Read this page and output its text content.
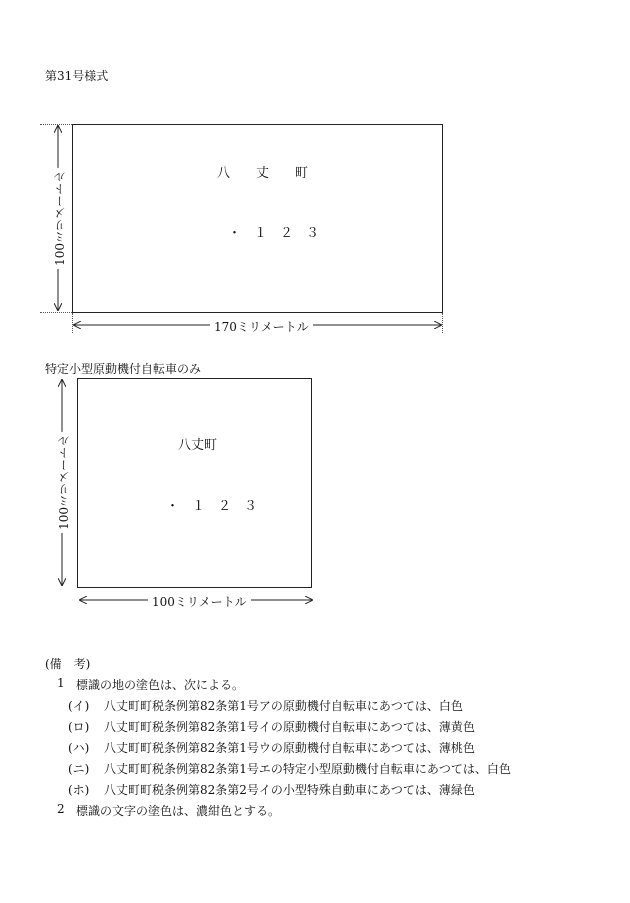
第31号様式
八　　丈　　町
・　１　２　３
100ミリメートル
170ミリメートル
特定小型原動機付自転車のみ
八丈町
・　１　２　３
100ミリメートル
100ミリメートル
(備　考)
1 標識の地の塗色は、次による。
(イ) 八丈町町税条例第82条第1号アの原動機付自転車にあつては、白色
(ロ) 八丈町町税条例第82条第1号イの原動機付自転車にあつては、薄黄色
(ハ) 八丈町町税条例第82条第1号ウの原動機付自転車にあつては、薄桃色
(ニ) 八丈町町税条例第82条第1号エの特定小型原動機付自転車にあつては、白色
(ホ) 八丈町町税条例第82条第2号イの小型特殊自動車にあつては、薄緑色
2 標識の文字の塗色は、濃紺色とする。
